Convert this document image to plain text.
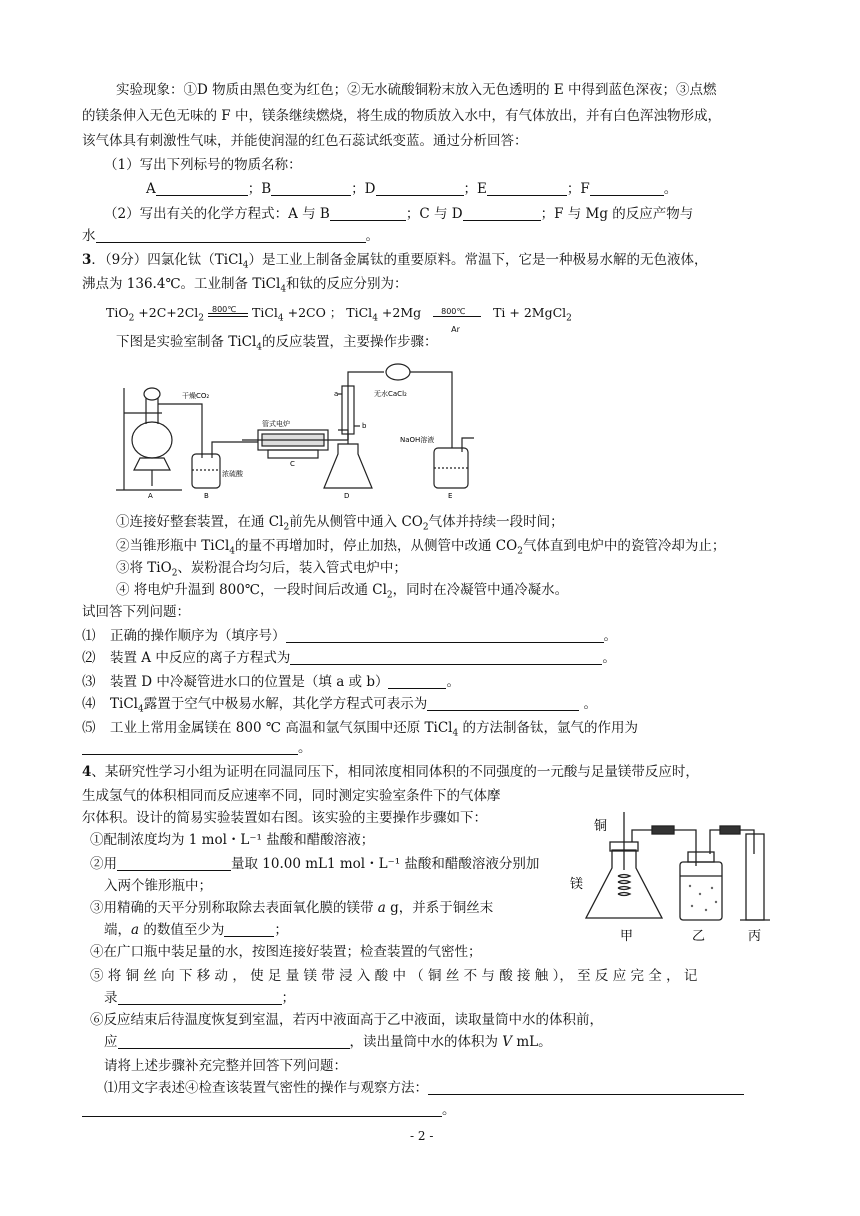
实验现象：①D 物质由黑色变为红色；②无水硫酸铜粉末放入无色透明的 E 中得到蓝色深夜；③点燃
的镁条伸入无色无味的 F 中，镁条继续燃烧，将生成的物质放入水中，有气体放出，并有白色浑浊物形成，
该气体具有刺激性气味，并能使润湿的红色石蕊试纸变蓝。通过分析回答：
（1）写出下列标号的物质名称：
A	；B	；D	；E	；F	。
（2）写出有关的化学方程式：A 与 B	；C 与 D	；F 与 Mg 的反应产物与
水	。
3．（9分）四氯化钛（TiCl$_4$）是工业上制备金属钛的重要原料。常温下，它是一种极易水解的无色液体，
沸点为 136.4℃。工业制备 TiCl$_4$和钛的反应分别为：
$TiO_2 +2C+2Cl_2$
800℃ TiCl$_4$ +2CO ； TiCl$_4$ $+2Mg \frac{800℃}{Ar}$ Ti + 2MgCl$_2$
下图是实验室制备 TiCl$_4$的反应装置，主要操作步骤：
干燥CO₂
管式电炉
无水CaCl₂
浓硫酸
NaOH溶液
A	B
C
D	E
a
b
①连接好整套装置，在通 $Cl_2$前先从侧管中通入 $CO_2$气体并持续一段时间；
②当锥形瓶中 TiCl$_4$的量不再增加时，停止加热，从侧管中改通 $CO_2$气体直到电炉中的瓷管冷却为止；
③将 TiO$_2$、炭粉混合均匀后，装入管式电炉中；
④ 将电炉升温到 800℃，一段时间后改通 $Cl_2$，同时在冷凝管中通冷凝水。
试回答下列问题：
⑴ 正确的操作顺序为（填序号）	。
⑵ 装置 A 中反应的离子方程式为	。
⑶ 装置 D 中冷凝管进水口的位置是（填 a 或 b）	。
⑷ TiCl$_4$露置于空气中极易水解，其化学方程式可表示为	。
⑸ 工业上常用金属镁在 800 ℃ 高温和氩气氛围中还原 TiCl$_4$ 的方法制备钛，氩气的作用为
。
4、某研究性学习小组为证明在同温同压下，相同浓度相同体积的不同强度的一元酸与足量镁带反应时，
生成氢气的体积相同而反应速率不同，同时测定实验室条件下的气体摩
尔体积。设计的简易实验装置如右图。该实验的主要操作步骤如下：
①配制浓度均为 1 mol・L⁻¹ 盐酸和醋酸溶液；
②用	量取 10.00 mL1 mol・L⁻¹ 盐酸和醋酸溶液分别加
入两个锥形瓶中；
③用精确的天平分别称取除去表面氧化膜的镁带 a g，并系于铜丝末
端，a 的数值至少为	；
④在广口瓶中装足量的水，按图连接好装置；检查装置的气密性；
⑤ 将 铜 丝 向 下 移 动 ， 使 足 量 镁 带 浸 入 酸 中 （ 铜 丝 不 与 酸 接 触 ）， 至 反 应 完 全 ， 记
录	；
⑥反应结束后待温度恢复到室温，若丙中液面高于乙中液面，读取量筒中水的体积前，
应	，读出量筒中水的体积为 V mL。
请将上述步骤补充完整并回答下列问题：
⑴用文字表述④检查该装置气密性的操作与观察方法：
。
铜
镁
甲	乙	丙
- 2 -
